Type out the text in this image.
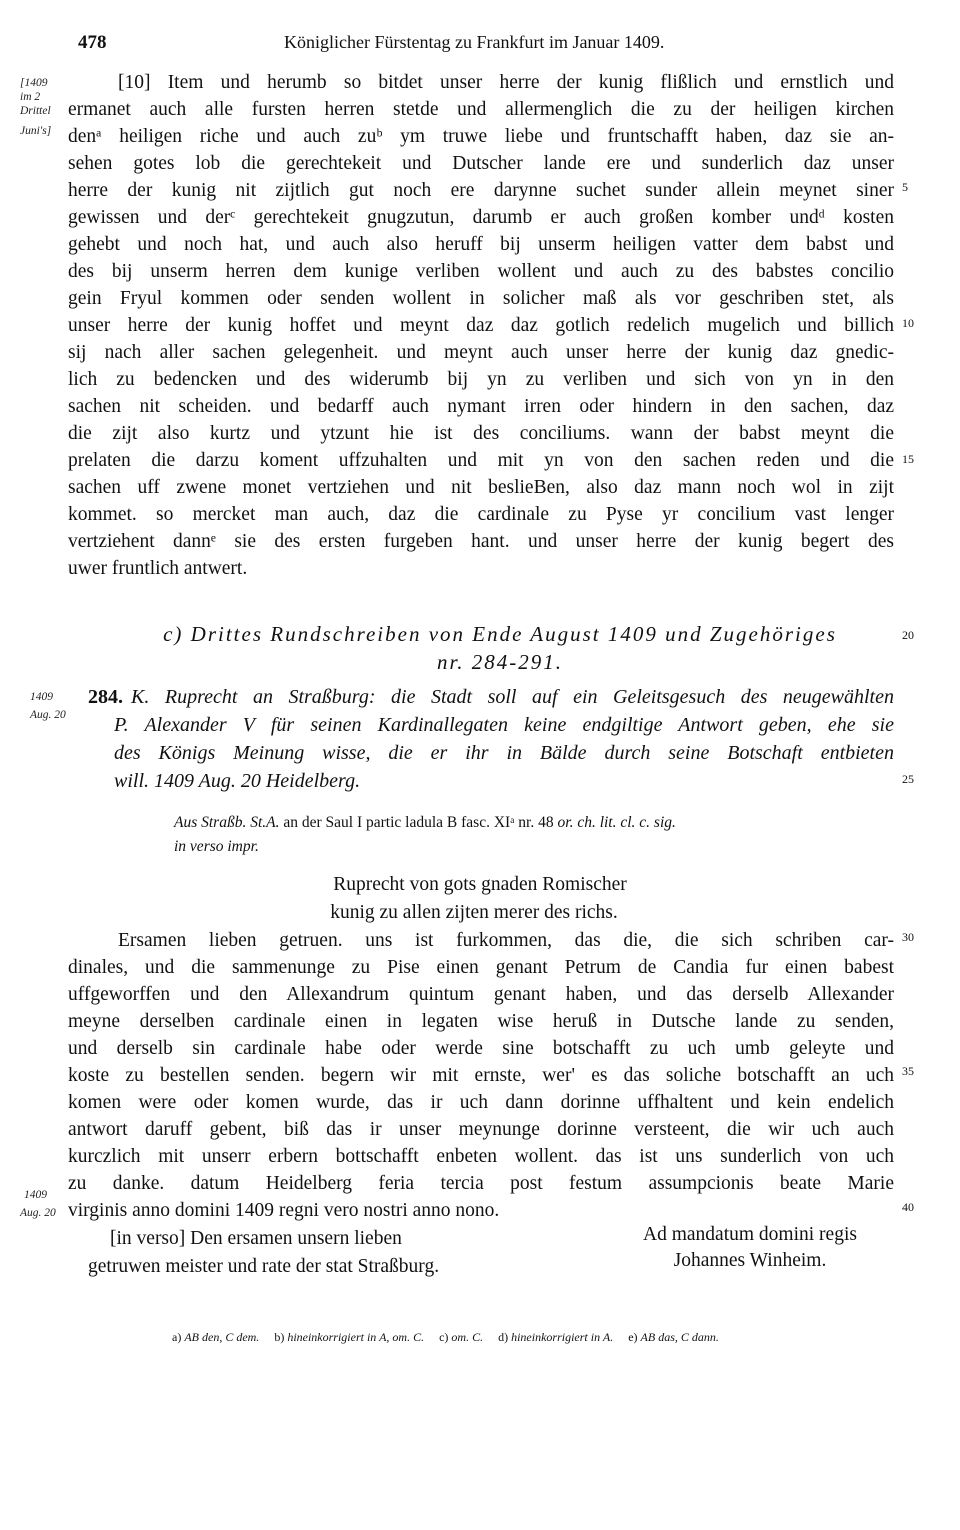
478	Königlicher Fürstentag zu Frankfurt im Januar 1409.
[1409
im 2
Drittel
Juni's]
1409
Aug. 20
1409
Aug. 20
5
10
15
20
25
30
35
40
[10] Item und herumb so bitdet unser herre der kunig flißlich und ernstlich und
ermanet auch alle fursten herren stetde und allermenglich die zu der heiligen kirchen
denᵃ heiligen riche und auch zuᵇ ym truwe liebe und fruntschafft haben, daz sie an-
sehen gotes lob die gerechtekeit und Dutscher lande ere und sunderlich daz unser
herre der kunig nit zijtlich gut noch ere darynne suchet sunder allein meynet siner
gewissen und derᶜ gerechtekeit gnugzutun, darumb er auch großen komber undᵈ kosten
gehebt und noch hat, und auch also heruff bij unserm heiligen vatter dem babst und
des bij unserm herren dem kunige verliben wollent und auch zu des babstes concilio
gein Fryul kommen oder senden wollent in solicher maß als vor geschriben stet, als
unser herre der kunig hoffet und meynt daz daz gotlich redelich mugelich und billich
sij nach aller sachen gelegenheit. und meynt auch unser herre der kunig daz gnedic-
lich zu bedencken und des widerumb bij yn zu verliben und sich von yn in den
sachen nit scheiden. und bedarff auch nymant irren oder hindern in den sachen, daz
die zijt also kurtz und ytzunt hie ist des conciliums. wann der babst meynt die
prelaten die darzu koment uffzuhalten und mit yn von den sachen reden und die
sachen uff zwene monet vertziehen und nit beslieBen, also daz mann noch wol in zijt
kommet. so mercket man auch, daz die cardinale zu Pyse yr concilium vast lenger
vertziehent dannᵉ sie des ersten furgeben hant. und unser herre der kunig begert des
uwer fruntlich antwert.
c) Drittes Rundschreiben von Ende August 1409 und Zugehöriges
nr. 284-291.
284. K. Ruprecht an Straßburg: die Stadt soll auf ein Geleitsgesuch des neugewählten
P. Alexander V für seinen Kardinallegaten keine endgiltige Antwort geben, ehe sie
des Königs Meinung wisse, die er ihr in Bälde durch seine Botschaft entbieten
will. 1409 Aug. 20 Heidelberg.
Aus Straßb. St.A. an der Saul I partic ladula B fasc. XIᵃ nr. 48 or. ch. lit. cl. c. sig.
in verso impr.
Ruprecht von gots gnaden Romischer
kunig zu allen zijten merer des richs.
Ersamen lieben getruen. uns ist furkommen, das die, die sich schriben car-
dinales, und die sammenunge zu Pise einen genant Petrum de Candia fur einen babest
uffgeworffen und den Allexandrum quintum genant haben, und das derselb Allexander
meyne derselben cardinale einen in legaten wise heruß in Dutsche lande zu senden,
und derselb sin cardinale habe oder werde sine botschafft zu uch umb geleyte und
koste zu bestellen senden. begern wir mit ernste, wer' es das soliche botschafft an uch
komen were oder komen wurde, das ir uch dann dorinne uffhaltent und kein endelich
antwort daruff gebent, biß das ir unser meynunge dorinne versteent, die wir uch auch
kurczlich mit unserr erbern bottschafft enbeten wollent. das ist uns sunderlich von uch
zu danke. datum Heidelberg feria tercia post festum assumpcionis beate Marie
virginis anno domini 1409 regni vero nostri anno nono.
[in verso] Den ersamen unsern lieben
getruwen meister und rate der stat Straßburg.
Ad mandatum domini regis
Johannes Winheim.
a) AB den, C dem. b) hineinkorrigiert in A, om. C. c) om. C. d) hineinkorrigiert in A. e) AB das, C dann.
